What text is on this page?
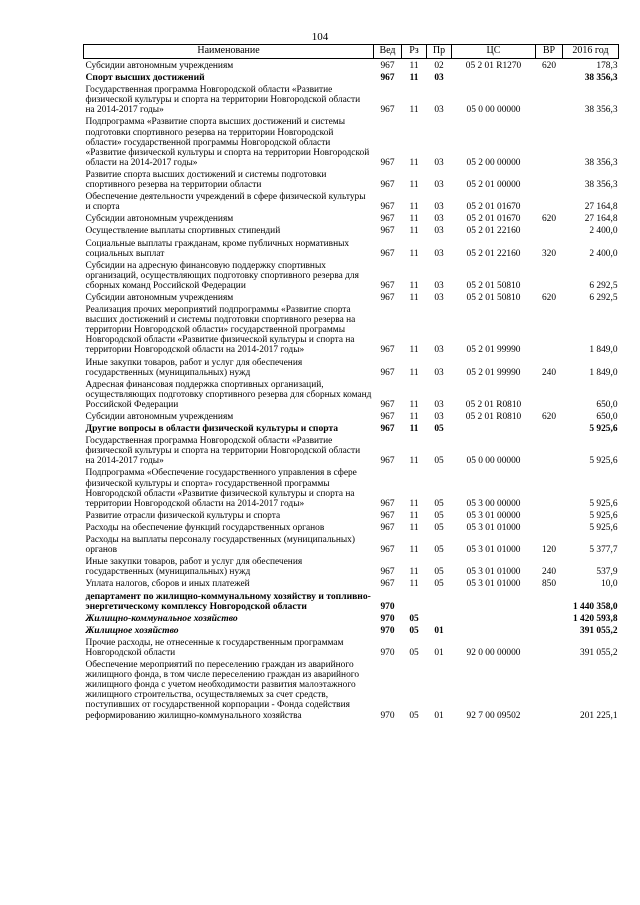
104
Наименование	Вед	Рз	Пр	ЦС	ВР	2016 год
Субсидии автономным учреждениям	967	11	02	05 2 01 R1270	620	178,3
Спорт высших достижений	967	11	03			38 356,3
Государственная программа Новгородской области «Развитие физической культуры и спорта на территории Новгородской области на 2014-2017 годы»	967	11	03	05 0 00 00000		38 356,3
Подпрограмма «Развитие спорта высших достижений и системы подготовки спортивного резерва на территории Новгородской области» государственной программы Новгородской области «Развитие физической культуры и спорта на территории Новгородской области на 2014-2017 годы»	967	11	03	05 2 00 00000		38 356,3
Развитие спорта высших достижений и системы подготовки спортивного резерва на территории области	967	11	03	05 2 01 00000		38 356,3
Обеспечение деятельности учреждений в сфере физической культуры и спорта	967	11	03	05 2 01 01670		27 164,8
Субсидии автономным учреждениям	967	11	03	05 2 01 01670	620	27 164,8
Осуществление выплаты спортивных стипендий	967	11	03	05 2 01 22160		2 400,0
Социальные выплаты гражданам, кроме публичных нормативных социальных выплат	967	11	03	05 2 01 22160	320	2 400,0
Субсидии на адресную финансовую поддержку спортивных организаций, осуществляющих подготовку спортивного резерва для сборных команд Российской Федерации	967	11	03	05 2 01 50810		6 292,5
Субсидии автономным учреждениям	967	11	03	05 2 01 50810	620	6 292,5
Реализация прочих мероприятий подпрограммы «Развитие спорта высших достижений и системы подготовки спортивного резерва на территории Новгородской области» государственной программы Новгородской области «Развитие физической культуры и спорта на территории Новгородской области на 2014-2017 годы»	967	11	03	05 2 01 99990		1 849,0
Иные закупки товаров, работ и услуг для обеспечения государственных (муниципальных) нужд	967	11	03	05 2 01 99990	240	1 849,0
Адресная финансовая поддержка спортивных организаций, осуществляющих подготовку спортивного резерва для сборных команд Российской Федерации	967	11	03	05 2 01 R0810		650,0
Субсидии автономным учреждениям	967	11	03	05 2 01 R0810	620	650,0
Другие вопросы в области физической культуры и спорта	967	11	05			5 925,6
Государственная программа Новгородской области «Развитие физической культуры и спорта на территории Новгородской области на 2014-2017 годы»	967	11	05	05 0 00 00000		5 925,6
Подпрограмма «Обеспечение государственного управления в сфере физической культуры и спорта» государственной программы Новгородской области «Развитие физической культуры и спорта на территории Новгородской области на 2014-2017 годы»	967	11	05	05 3 00 00000		5 925,6
Развитие отрасли физической культуры и спорта	967	11	05	05 3 01 00000		5 925,6
Расходы на обеспечение функций государственных органов	967	11	05	05 3 01 01000		5 925,6
Расходы на выплаты персоналу государственных (муниципальных) органов	967	11	05	05 3 01 01000	120	5 377,7
Иные закупки товаров, работ и услуг для обеспечения государственных (муниципальных) нужд	967	11	05	05 3 01 01000	240	537,9
Уплата налогов, сборов и иных платежей	967	11	05	05 3 01 01000	850	10,0
департамент по жилищно-коммунальному хозяйству и топливно-энергетическому комплексу Новгородской области	970					1 440 358,0
Жилищно-коммунальное хозяйство	970	05				1 420 593,8
Жилищное хозяйство	970	05	01			391 055,2
Прочие расходы, не отнесенные к государственным программам Новгородской области	970	05	01	92 0 00 00000		391 055,2
Обеспечение мероприятий по переселению граждан из аварийного жилищного фонда, в том числе переселению граждан из аварийного жилищного фонда с учетом необходимости развития малоэтажного жилищного строительства, осуществляемых за счет средств, поступивших от государственной корпорации - Фонда содействия реформированию жилищно-коммунального хозяйства	970	05	01	92 7 00 09502		201 225,1
